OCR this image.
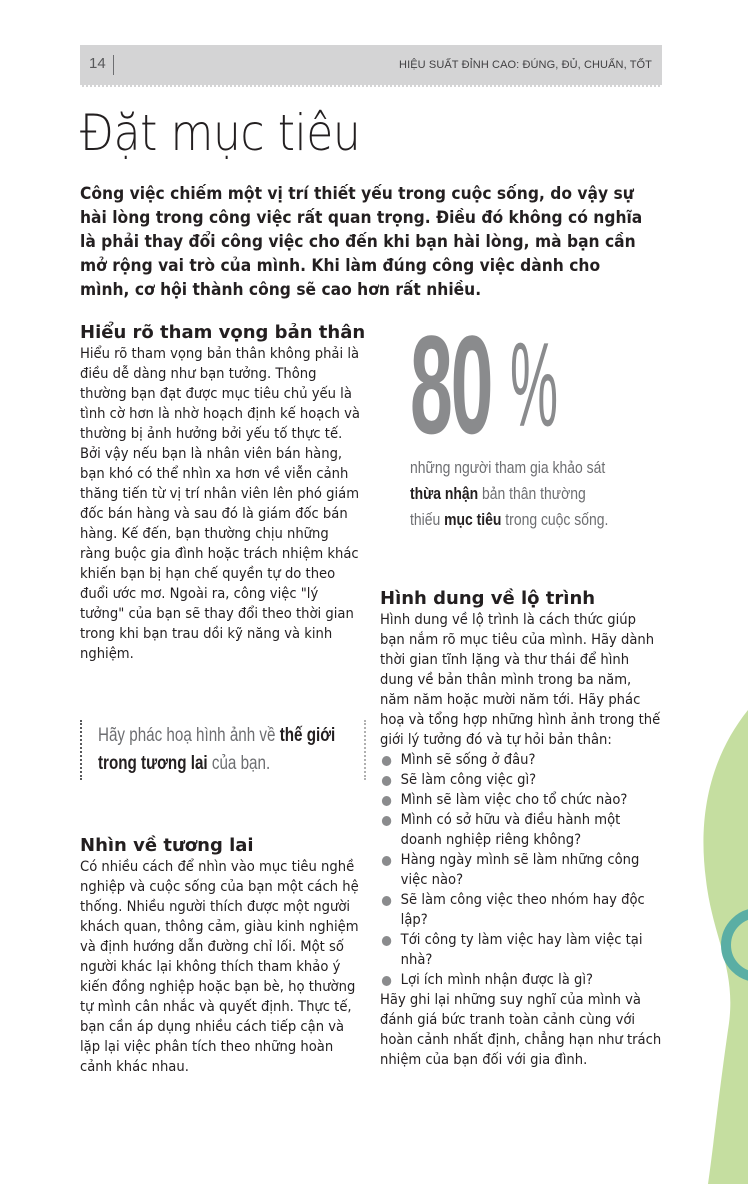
14	HIỆU SUẤT ĐỈNH CAO: ĐÚNG, ĐỦ, CHUẨN, TỐT
Đặt mục tiêu
Công việc chiếm một vị trí thiết yếu trong cuộc sống, do vậy sự hài lòng trong công việc rất quan trọng. Điều đó không có nghĩa là phải thay đổi công việc cho đến khi bạn hài lòng, mà bạn cần mở rộng vai trò của mình. Khi làm đúng công việc dành cho mình, cơ hội thành công sẽ cao hơn rất nhiều.
Hiểu rõ tham vọng bản thân
Hiểu rõ tham vọng bản thân không phải là điều dễ dàng như bạn tưởng. Thông thường bạn đạt được mục tiêu chủ yếu là tình cờ hơn là nhờ hoạch định kế hoạch và thường bị ảnh hưởng bởi yếu tố thực tế. Bởi vậy nếu bạn là nhân viên bán hàng, bạn khó có thể nhìn xa hơn về viễn cảnh thăng tiến từ vị trí nhân viên lên phó giám đốc bán hàng và sau đó là giám đốc bán hàng. Kế đến, bạn thường chịu những ràng buộc gia đình hoặc trách nhiệm khác khiến bạn bị hạn chế quyền tự do theo đuổi ước mơ. Ngoài ra, công việc "lý tưởng" của bạn sẽ thay đổi theo thời gian trong khi bạn trau dồi kỹ năng và kinh nghiệm.
Hãy phác hoạ hình ảnh về thế giới trong tương lai của bạn.
Nhìn về tương lai
Có nhiều cách để nhìn vào mục tiêu nghề nghiệp và cuộc sống của bạn một cách hệ thống. Nhiều người thích được một người khách quan, thông cảm, giàu kinh nghiệm và định hướng dẫn đường chỉ lối. Một số người khác lại không thích tham khảo ý kiến đồng nghiệp hoặc bạn bè, họ thường tự mình cân nhắc và quyết định. Thực tế, bạn cần áp dụng nhiều cách tiếp cận và lặp lại việc phân tích theo những hoàn cảnh khác nhau.
80 %
những người tham gia khảo sát
thừa nhận bản thân thường
thiếu mục tiêu trong cuộc sống.
Hình dung về lộ trình
Hình dung về lộ trình là cách thức giúp bạn nắm rõ mục tiêu của mình. Hãy dành thời gian tĩnh lặng và thư thái để hình dung về bản thân mình trong ba năm, năm năm hoặc mười năm tới. Hãy phác hoạ và tổng hợp những hình ảnh trong thế giới lý tưởng đó và tự hỏi bản thân:
Mình sẽ sống ở đâu?
Sẽ làm công việc gì?
Mình sẽ làm việc cho tổ chức nào?
Mình có sở hữu và điều hành một doanh nghiệp riêng không?
Hàng ngày mình sẽ làm những công việc nào?
Sẽ làm công việc theo nhóm hay độc lập?
Tới công ty làm việc hay làm việc tại nhà?
Lợi ích mình nhận được là gì?
Hãy ghi lại những suy nghĩ của mình và đánh giá bức tranh toàn cảnh cùng với hoàn cảnh nhất định, chẳng hạn như trách nhiệm của bạn đối với gia đình.
